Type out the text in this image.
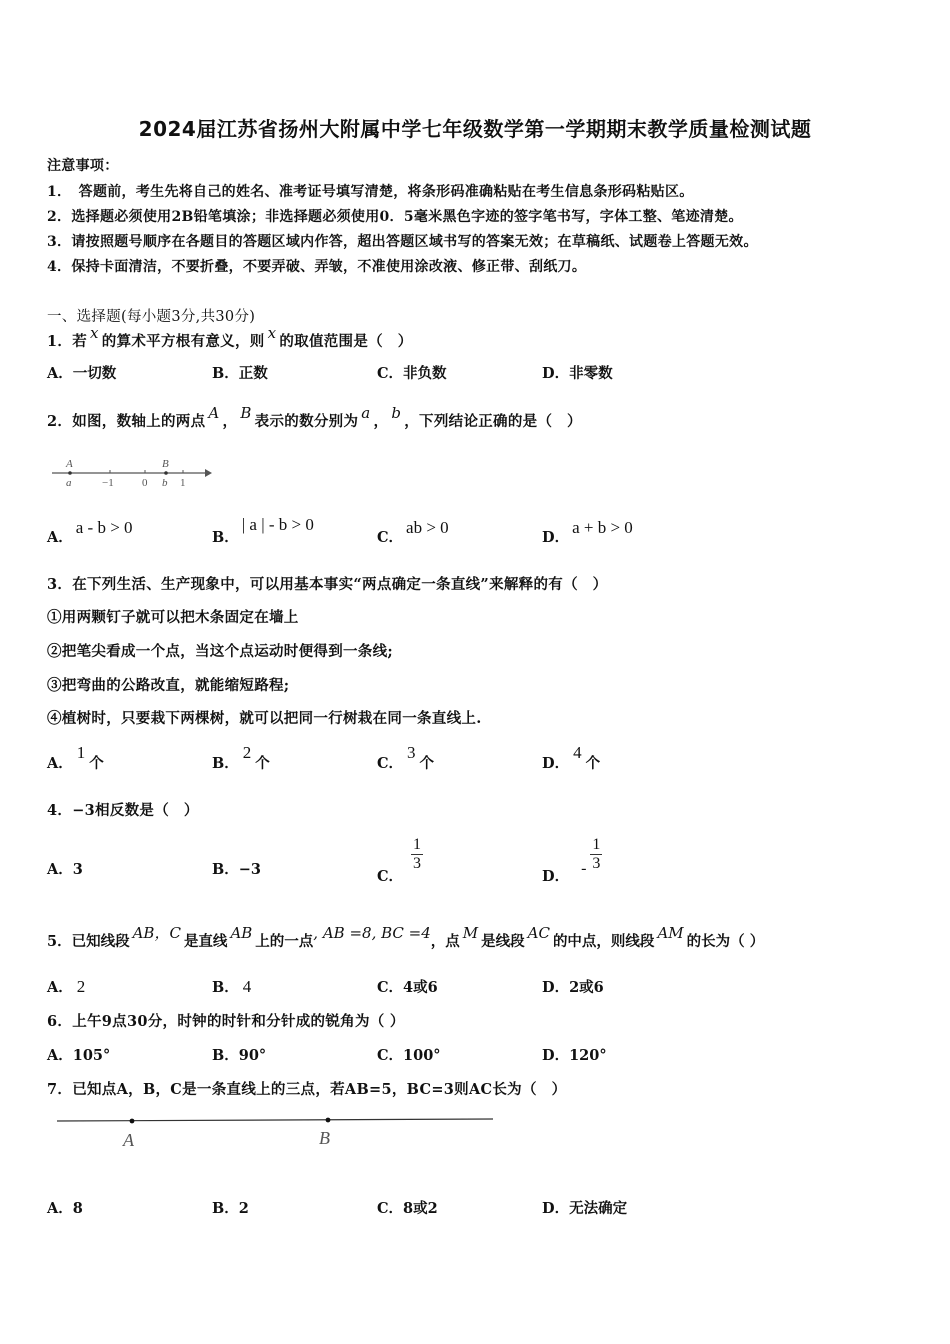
2024届江苏省扬州大附属中学七年级数学第一学期期末教学质量检测试题
注意事项：
1．　答题前，考生先将自己的姓名、准考证号填写清楚，将条形码准确粘贴在考生信息条形码粘贴区。
2．选择题必须使用2B铅笔填涂；非选择题必须使用0．5毫米黑色字迹的签字笔书写，字体工整、笔迹清楚。
3．请按照题号顺序在各题目的答题区域内作答，超出答题区域书写的答案无效；在草稿纸、试题卷上答题无效。
4．保持卡面清洁，不要折叠，不要弄破、弄皱，不准使用涂改液、修正带、刮纸刀。
一、选择题(每小题3分,共30分)
1．若 x 的算术平方根有意义，则 x 的取值范围是（　）
A．一切数	B．正数	C．非负数	D．非零数
2．如图，数轴上的两点 A ， B 表示的数分别为 a ， b ，下列结论正确的是（　）
A
a
B
b
−1	0	1
A．a - b > 0
B．| a | - b > 0
C．ab > 0
D．a + b > 0
3．在下列生活、生产现象中，可以用基本事实“两点确定一条直线”来解释的有（　）
①用两颗钉子就可以把木条固定在墙上
②把笔尖看成一个点，当这个点运动时便得到一条线;
③把弯曲的公路改直，就能缩短路程;
④植树时，只要栽下两棵树，就可以把同一行树栽在同一条直线上.
A．1个	B．2个	C．3个	D．4个
4．−3相反数是（　）
A．3	B．−3	C．
$\frac{1}{3}$
D． - $\frac{1}{3}$
5．已知线段 AB，C 是直线 AB 上的一点, AB =8, BC =4，点 M 是线段 AC 的中点，则线段 AM 的长为（ ）
A． 2	B． 4	C．4或6	D．2或6
6．上午9点30分，时钟的时针和分针成的锐角为（ ）
A．105°	B．90°	C．100°	D．120°
7．已知点A，B，C是一条直线上的三点，若AB=5，BC=3则AC长为（　）
A	B
A．8	B．2	C．8或2	D．无法确定
